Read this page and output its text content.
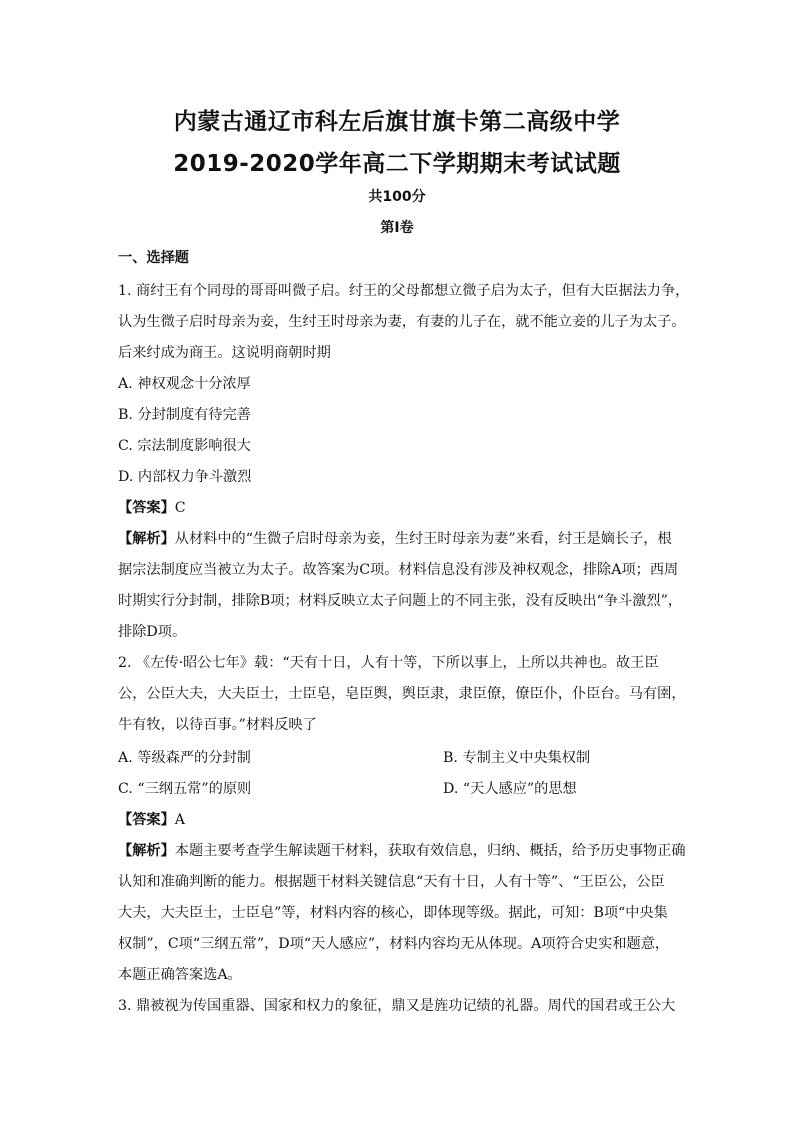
内蒙古通辽市科左后旗甘旗卡第二高级中学
2019-2020学年高二下学期期末考试试题
共100分
第Ⅰ卷
一、选择题
1. 商纣王有个同母的哥哥叫微子启。纣王的父母都想立微子启为太子，但有大臣据法力争，
认为生微子启时母亲为妾，生纣王时母亲为妻，有妻的儿子在，就不能立妾的儿子为太子。
后来纣成为商王。这说明商朝时期
A. 神权观念十分浓厚
B. 分封制度有待完善
C. 宗法制度影响很大
D. 内部权力争斗激烈
【答案】C
【解析】从材料中的“生微子启时母亲为妾，生纣王时母亲为妻”来看，纣王是嫡长子，根
据宗法制度应当被立为太子。故答案为C项。材料信息没有涉及神权观念，排除A项；西周
时期实行分封制，排除B项；材料反映立太子问题上的不同主张，没有反映出“争斗激烈”，
排除D项。
2. 《左传·昭公七年》载：“天有十日，人有十等，下所以事上，上所以共神也。故王臣
公，公臣大夫，大夫臣士，士臣皂，皂臣舆，舆臣隶，隶臣僚，僚臣仆，仆臣台。马有圉，
牛有牧，以待百事。”材料反映了
A. 等级森严的分封制	B. 专制主义中央集权制
C. “三纲五常”的原则	D. “天人感应”的思想
【答案】A
【解析】本题主要考查学生解读题干材料，获取有效信息，归纳、概括，给予历史事物正确
认知和准确判断的能力。根据题干材料关键信息“天有十日，人有十等”、“王臣公，公臣
大夫，大夫臣士，士臣皂”等，材料内容的核心，即体现等级。据此，可知：B项“中央集
权制”，C项“三纲五常”，D项“天人感应”，材料内容均无从体现。A项符合史实和题意，
本题正确答案选A。
3. 鼎被视为传国重器、国家和权力的象征，鼎又是旌功记绩的礼器。周代的国君或王公大
